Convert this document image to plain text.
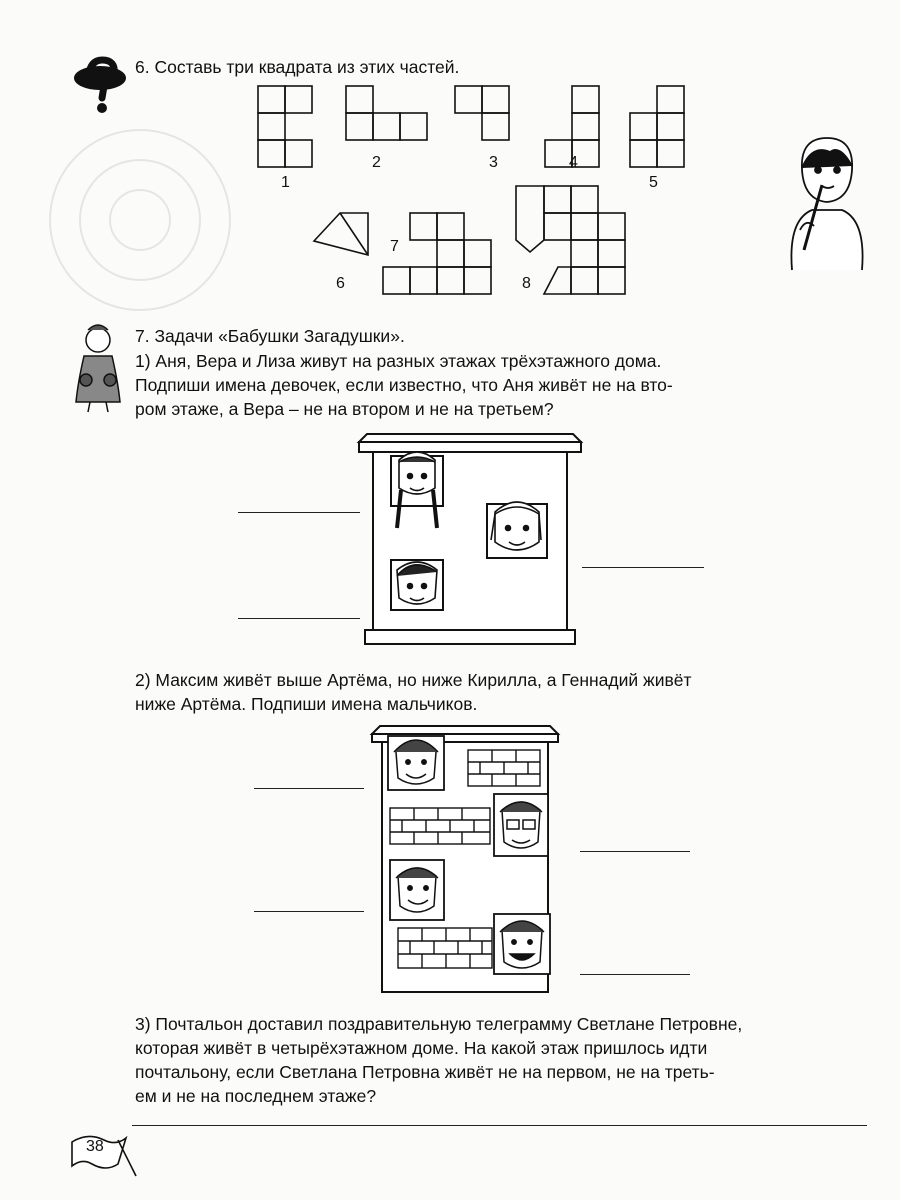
6. Составь три квадрата из этих частей.
1
2	3	4
5
6
7
8
7. Задачи «Бабушки Загадушки».
1) Аня, Вера и Лиза живут на разных этажах трёхэтажного дома.
Подпиши имена девочек, если известно, что Аня живёт не на вто-
ром этаже, а Вера – не на втором и не на третьем?
2) Максим живёт выше Артёма, но ниже Кирилла, а Геннадий живёт
ниже Артёма. Подпиши имена мальчиков.
3) Почтальон доставил поздравительную телеграмму Светлане Петровне,
которая живёт в четырёхэтажном доме. На какой этаж пришлось идти
почтальону, если Светлана Петровна живёт не на первом, не на треть-
ем и не на последнем этаже?
38
